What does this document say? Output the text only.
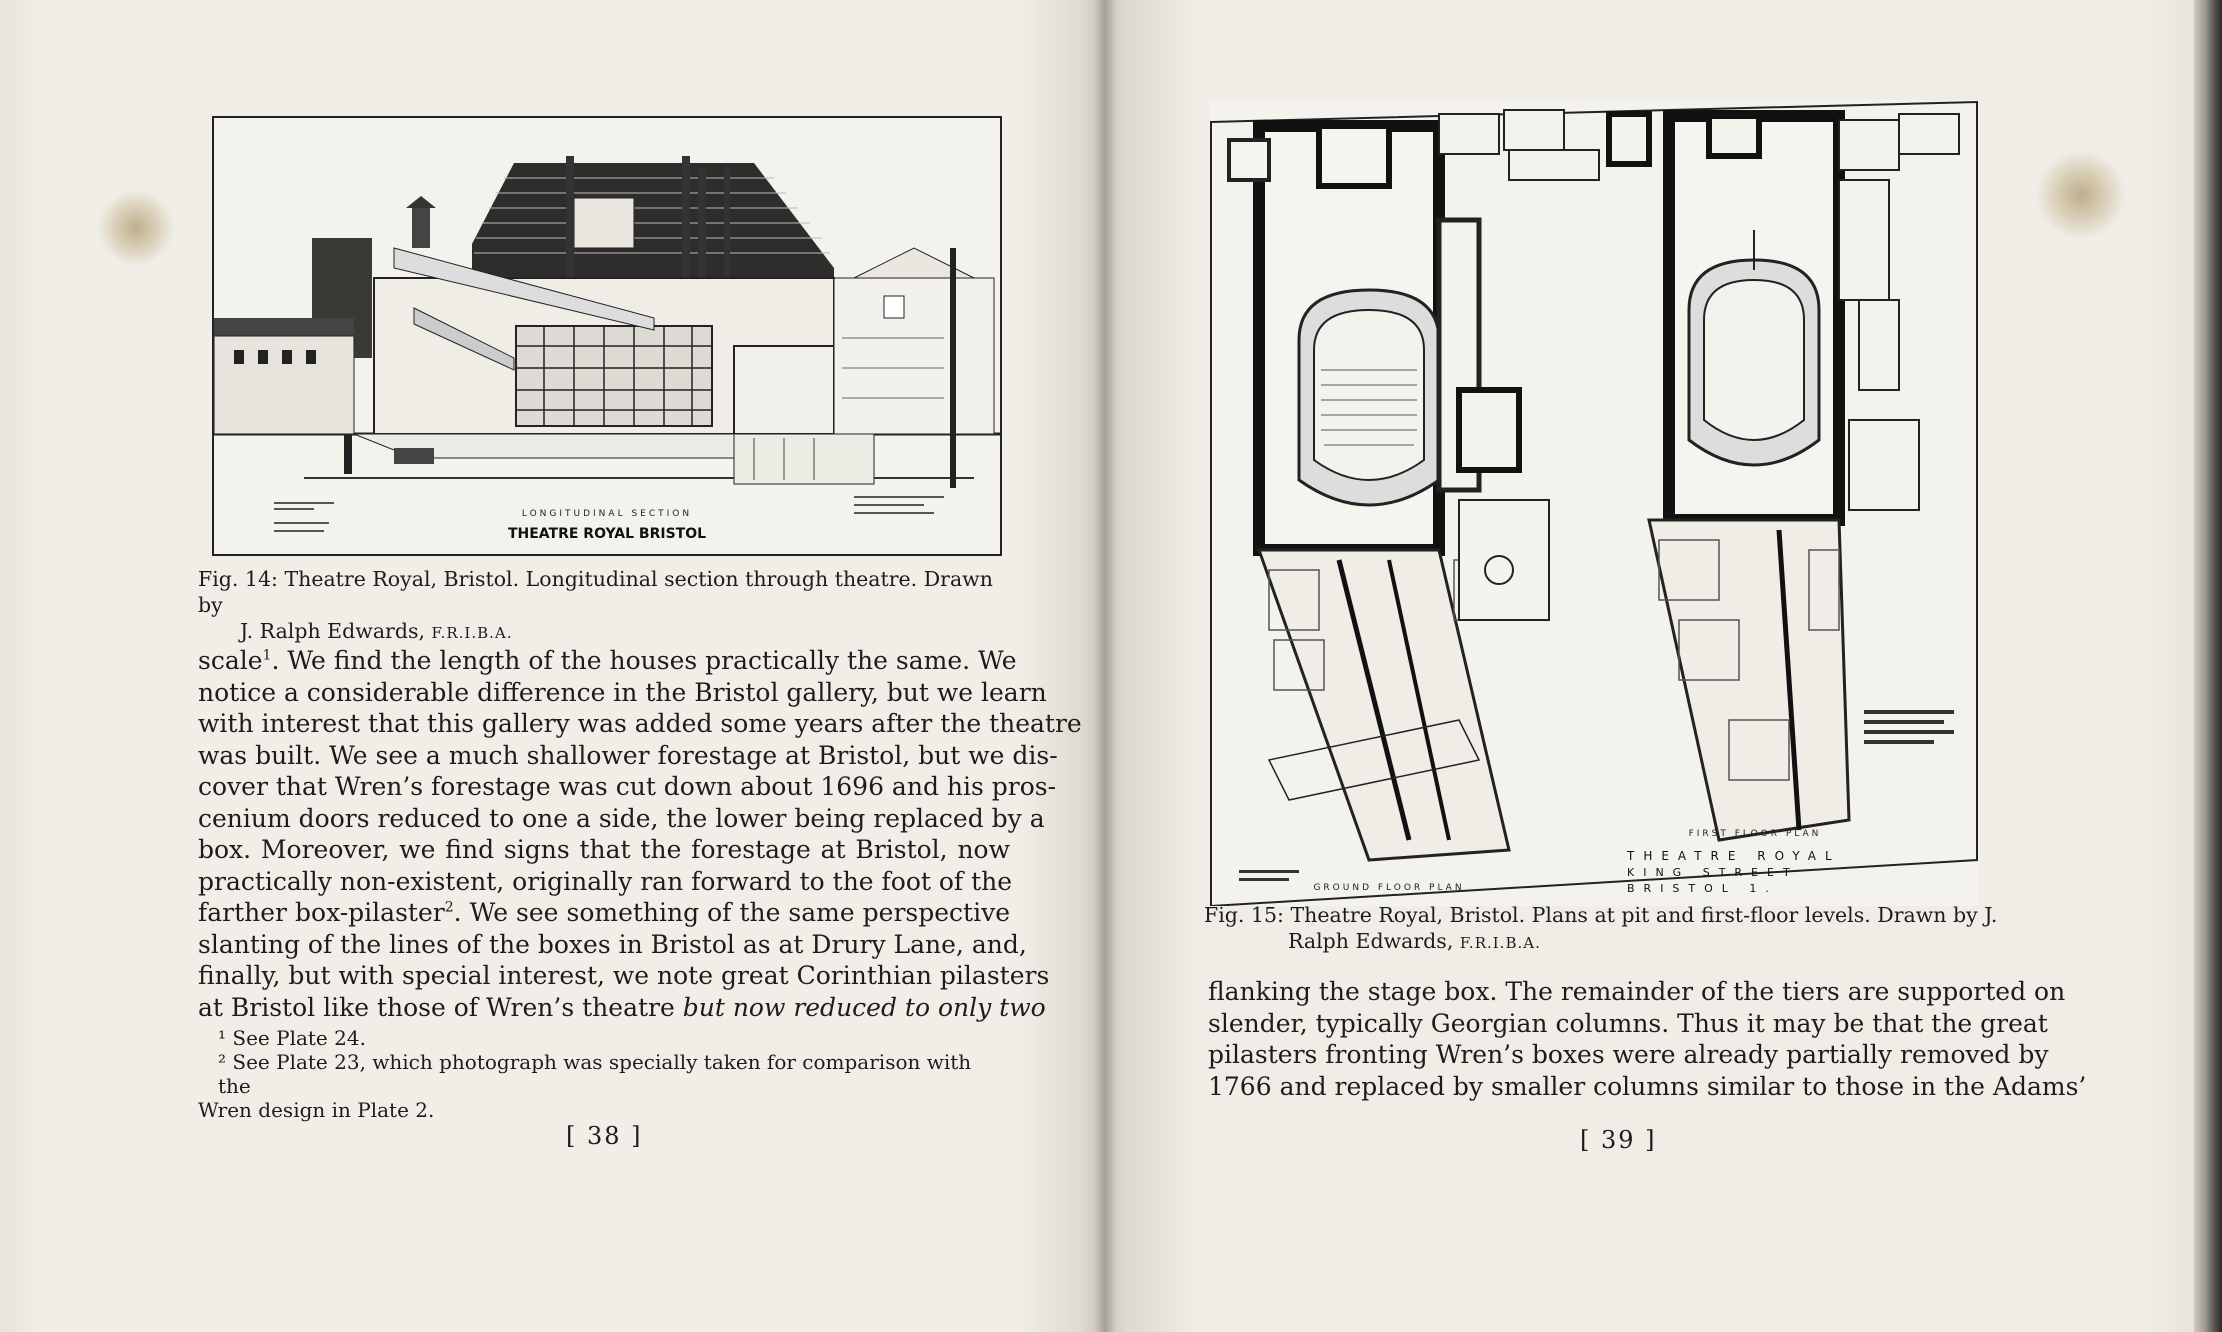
LONGITUDINAL SECTION
THEATRE ROYAL BRISTOL
Fig. 14: Theatre Royal, Bristol. Longitudinal section through theatre. Drawn by
J. Ralph Edwards, F.R.I.B.A.
scale$^1$. We find the length of the houses practically the same. We
notice a considerable difference in the Bristol gallery, but we learn
with interest that this gallery was added some years after the theatre
was built. We see a much shallower forestage at Bristol, but we dis-
cover that Wren’s forestage was cut down about 1696 and his pros-
cenium doors reduced to one a side, the lower being replaced by a
box. Moreover, we find signs that the forestage at Bristol, now
practically non-existent, originally ran forward to the foot of the
farther box-pilaster$^2$. We see something of the same perspective
slanting of the lines of the boxes in Bristol as at Drury Lane, and,
finally, but with special interest, we note great Corinthian pilasters
at Bristol like those of Wren’s theatre but now reduced to only two
¹ See Plate 24.
² See Plate 23, which photograph was specially taken for comparison with the
Wren design in Plate 2.
[ 38 ]
FIRST FLOOR PLAN
GROUND FLOOR PLAN
THEATRE ROYAL
KING STREET
BRISTOL 1.
Fig. 15: Theatre Royal, Bristol. Plans at pit and first-floor levels. Drawn by J.
Ralph Edwards, F.R.I.B.A.
flanking the stage box. The remainder of the tiers are supported on
slender, typically Georgian columns. Thus it may be that the great
pilasters fronting Wren’s boxes were already partially removed by
1766 and replaced by smaller columns similar to those in the Adams’
[ 39 ]
